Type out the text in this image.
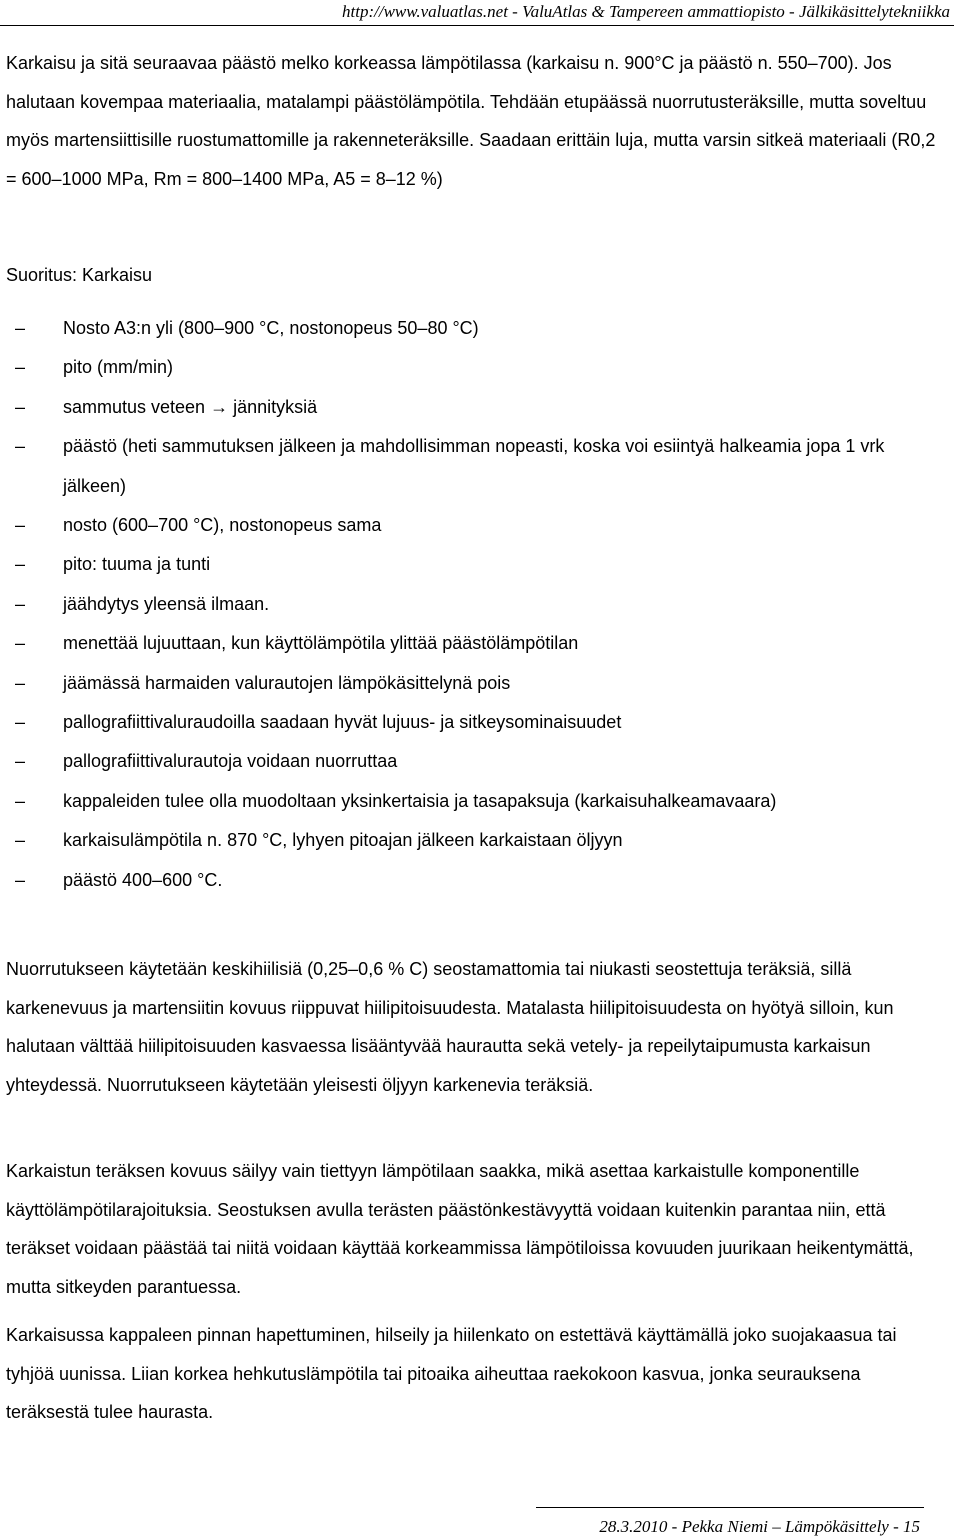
http://www.valuatlas.net - ValuAtlas & Tampereen ammattiopisto - Jälkikäsittelytekniikka

Karkaisu ja sitä seuraavaa päästö melko korkeassa lämpötilassa (karkaisu n. 900°C ja päästö n. 550–700). Jos halutaan kovempaa materiaalia, matalampi päästölämpötila. Tehdään etupäässä nuorrutusteräksille, mutta soveltuu myös martensiittisille ruostumattomille ja rakenneteräksille. Saadaan erittäin luja, mutta varsin sitkeä materiaali (R0,2 = 600–1000 MPa, Rm = 800–1400 MPa, A5 = 8–12 %)

Suoritus: Karkaisu
–	Nosto A3:n yli (800–900 °C, nostonopeus 50–80 °C)
–	pito (mm/min)
–	sammutus veteen → jännityksiä
–	päästö (heti sammutuksen jälkeen ja mahdollisimman nopeasti, koska voi esiintyä halkeamia jopa 1 vrk jälkeen)
–	nosto (600–700 °C), nostonopeus sama
–	pito: tuuma ja tunti
–	jäähdytys yleensä ilmaan.
–	menettää lujuuttaan, kun käyttölämpötila ylittää päästölämpötilan
–	jäämässä harmaiden valurautojen lämpökäsittelynä pois
–	pallografiittivaluraudoilla saadaan hyvät lujuus- ja sitkeysominaisuudet
–	pallografiittivalurautoja voidaan nuorruttaa
–	kappaleiden tulee olla muodoltaan yksinkertaisia ja tasapaksuja (karkaisuhalkeamavaara)
–	karkaisulämpötila n. 870 °C, lyhyen pitoajan jälkeen karkaistaan öljyyn
–	päästö 400–600 °C.

Nuorrutukseen käytetään keskihiilisiä (0,25–0,6 % C) seostamattomia tai niukasti seostettuja teräksiä, sillä karkenevuus ja martensiitin kovuus riippuvat hiilipitoisuudesta. Matalasta hiilipitoisuudesta on hyötyä silloin, kun halutaan välttää hiilipitoisuuden kasvaessa lisääntyvää haurautta sekä vetely- ja repeilytaipumusta karkaisun yhteydessä. Nuorrutukseen käytetään yleisesti öljyyn karkenevia teräksiä.

Karkaistun teräksen kovuus säilyy vain tiettyyn lämpötilaan saakka, mikä asettaa karkaistulle komponentille käyttölämpötilarajoituksia. Seostuksen avulla terästen päästönkestävyyttä voidaan kuitenkin parantaa niin, että teräkset voidaan päästää tai niitä voidaan käyttää korkeammissa lämpötiloissa kovuuden juurikaan heikentymättä, mutta sitkeyden parantuessa.

Karkaisussa kappaleen pinnan hapettuminen, hilseily ja hiilenkato on estettävä käyttämällä joko suojakaasua tai tyhjöä uunissa. Liian korkea hehkutuslämpötila tai pitoaika aiheuttaa raekokoon kasvua, jonka seurauksena teräksestä tulee haurasta.

28.3.2010 - Pekka Niemi – Lämpökäsittely - 15
